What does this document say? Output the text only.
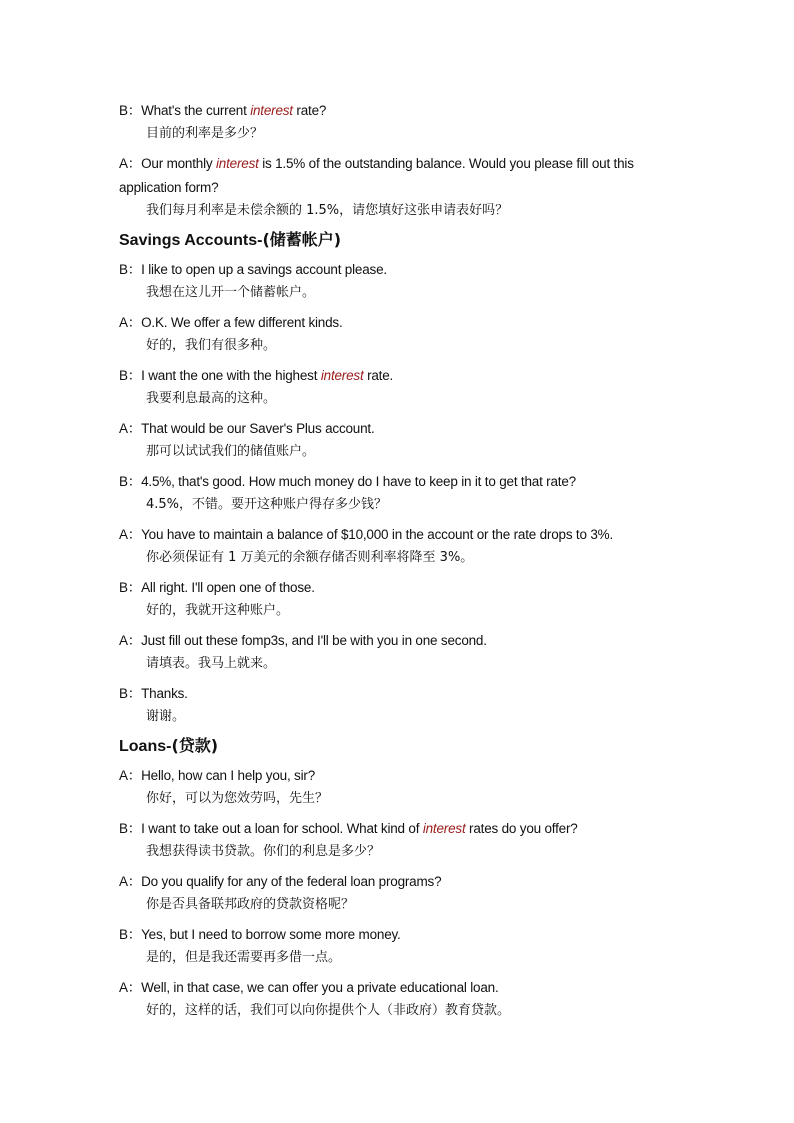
B：What's the current interest rate?
目前的利率是多少？
A：Our monthly interest is 1.5% of the outstanding balance. Would you please fill out this application form?
我们每月利率是未偿余额的 1.5%，请您填好这张申请表好吗？
Savings Accounts-(储蓄帐户)
B：I like to open up a savings account please.
我想在这儿开一个储蓄帐户。
A：O.K. We offer a few different kinds.
好的，我们有很多种。
B：I want the one with the highest interest rate.
我要利息最高的这种。
A：That would be our Saver's Plus account.
那可以试试我们的储值账户。
B：4.5%, that's good. How much money do I have to keep in it to get that rate?
4.5%，不错。要开这种账户得存多少钱？
A：You have to maintain a balance of $10,000 in the account or the rate drops to 3%.
你必须保证有 1 万美元的余额存储否则利率将降至 3%。
B：All right. I'll open one of those.
好的，我就开这种账户。
A：Just fill out these fomp3s, and I'll be with you in one second.
请填表。我马上就来。
B：Thanks.
谢谢。
Loans-(贷款)
A：Hello, how can I help you, sir?
你好，可以为您效劳吗，先生？
B：I want to take out a loan for school. What kind of interest rates do you offer?
我想获得读书贷款。你们的利息是多少？
A：Do you qualify for any of the federal loan programs?
你是否具备联邦政府的贷款资格呢？
B：Yes, but I need to borrow some more money.
是的，但是我还需要再多借一点。
A：Well, in that case, we can offer you a private educational loan.
好的，这样的话，我们可以向你提供个人（非政府）教育贷款。
